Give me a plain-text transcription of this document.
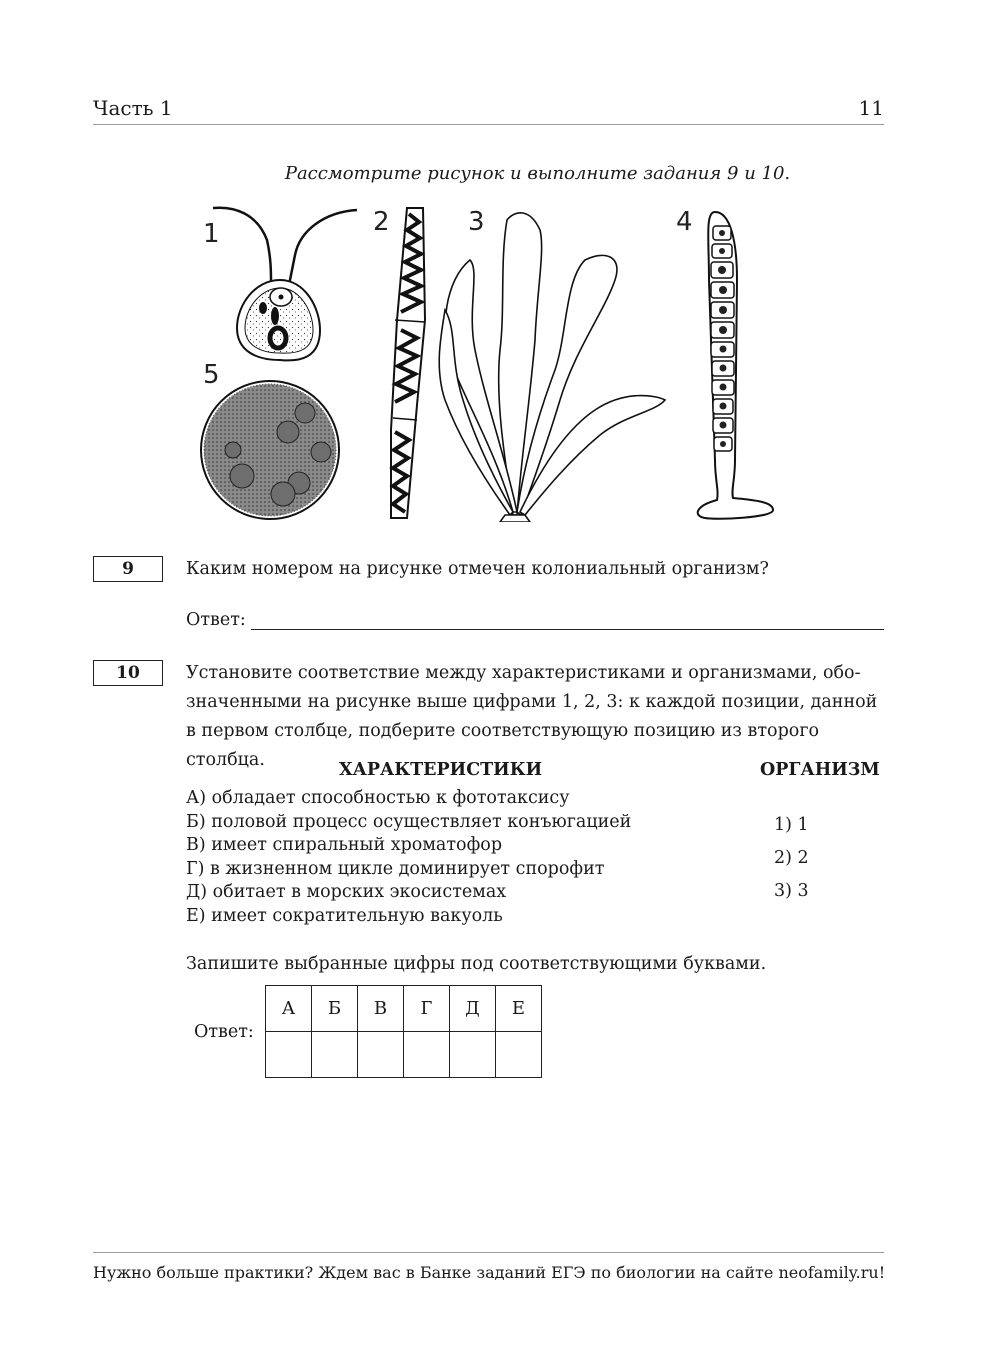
Часть 1	11
Рассмотрите рисунок и выполните задания 9 и 10.
1	2	3	4
5
9	Каким номером на рисунке отмечен колониальный организм?
Ответ:
10	Установите соответствие между характеристиками и организмами, обо-
значенными на рисунке выше цифрами 1, 2, 3: к каждой позиции, данной
в первом столбце, подберите соответствующую позицию из второго столбца.	ХАРАКТЕРИСТИКИ	ОРГАНИЗМ
А) обладает способностью к фототаксису
Б) половой процесс осуществляет конъюгацией
В) имеет спиральный хроматофор
Г) в жизненном цикле доминирует спорофит
Д) обитает в морских экосистемах
Е) имеет сократительную вакуоль
1) 1
2) 2
3) 3
Запишите выбранные цифры под соответствующими буквами.
Ответ:
А	Б	В	Г	Д	Е

Нужно больше практики? Ждем вас в Банке заданий ЕГЭ по биологии на сайте neofamily.ru!
